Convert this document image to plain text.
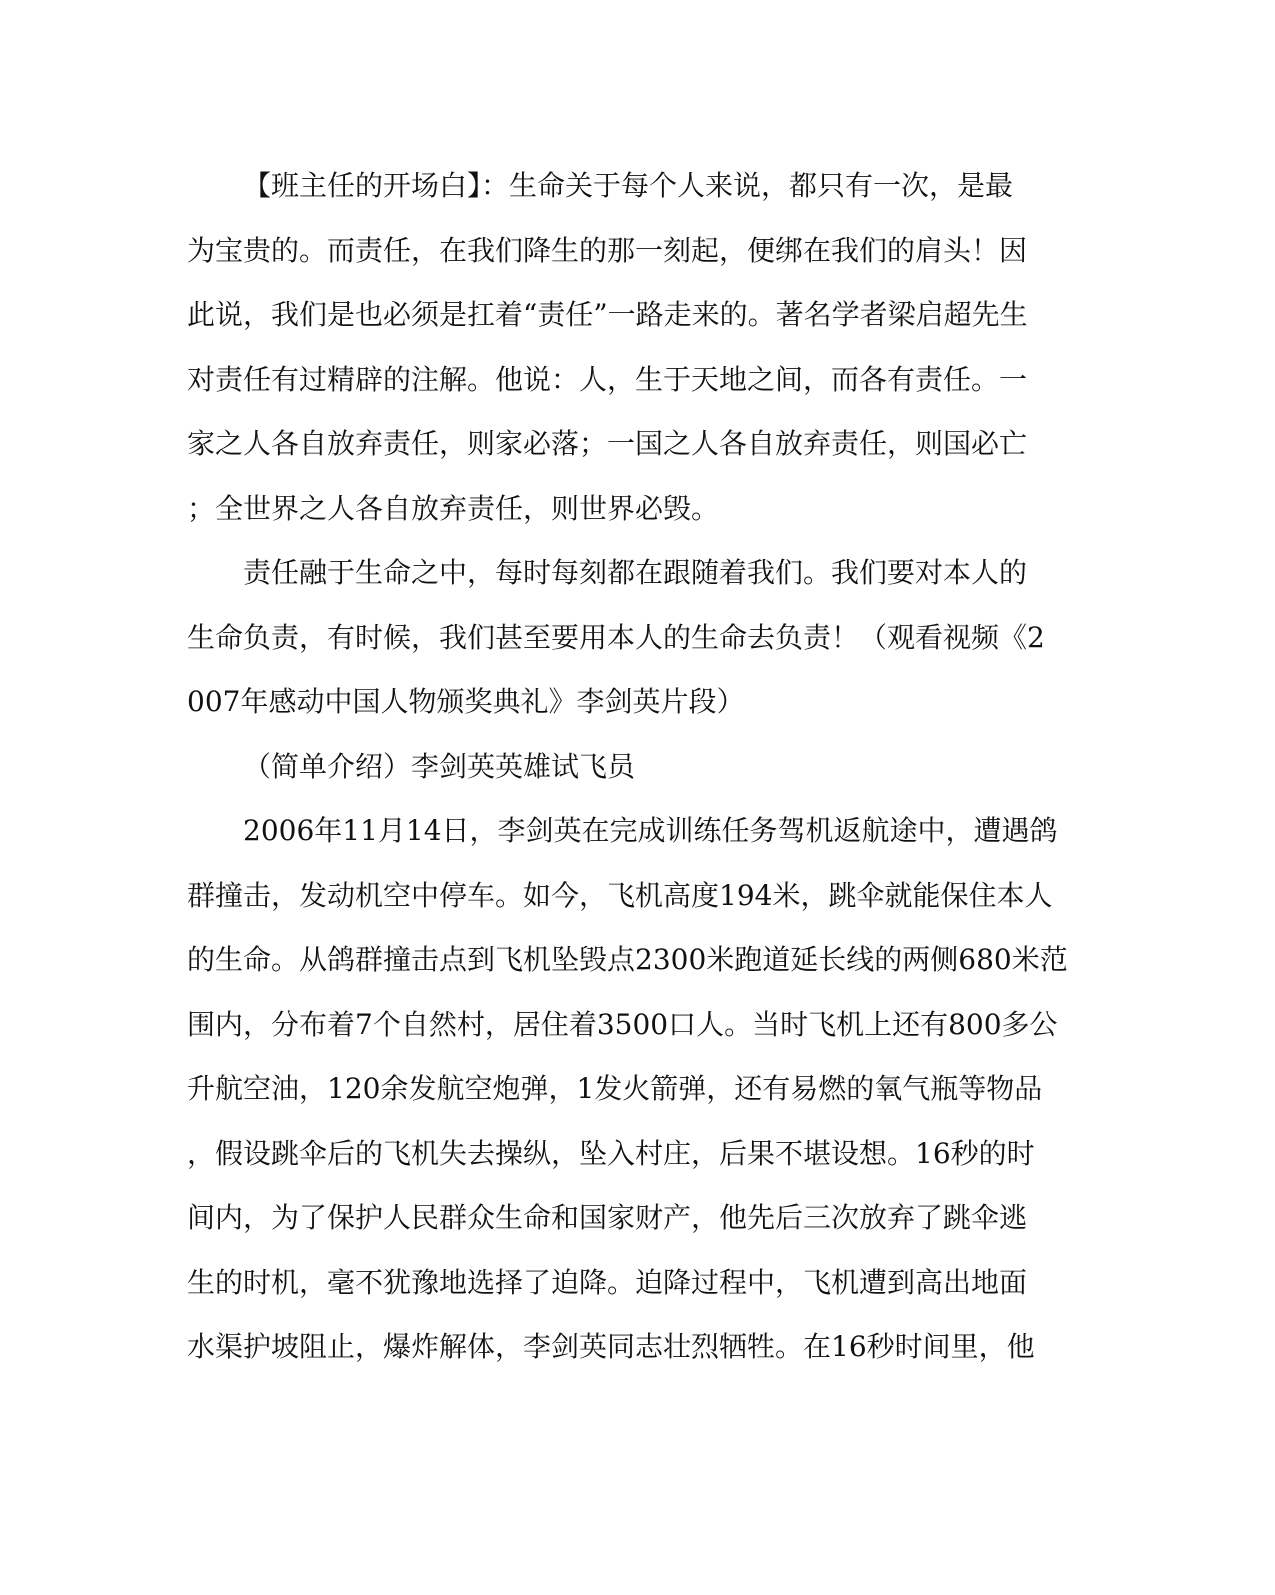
【班主任的开场白】：生命关于每个人来说，都只有一次，是最
为宝贵的。而责任，在我们降生的那一刻起，便绑在我们的肩头！因
此说，我们是也必须是扛着“责任”一路走来的。著名学者梁启超先生
对责任有过精辟的注解。他说：人，生于天地之间，而各有责任。一
家之人各自放弃责任，则家必落；一国之人各自放弃责任，则国必亡
；全世界之人各自放弃责任，则世界必毁。

责任融于生命之中，每时每刻都在跟随着我们。我们要对本人的
生命负责，有时候，我们甚至要用本人的生命去负责！（观看视频《2
007年感动中国人物颁奖典礼》李剑英片段）

（简单介绍）李剑英英雄试飞员

2006年11月14日，李剑英在完成训练任务驾机返航途中，遭遇鸽
群撞击，发动机空中停车。如今，飞机高度194米，跳伞就能保住本人
的生命。从鸽群撞击点到飞机坠毁点2300米跑道延长线的两侧680米范
围内，分布着7个自然村，居住着3500口人。当时飞机上还有800多公
升航空油，120余发航空炮弹，1发火箭弹，还有易燃的氧气瓶等物品
，假设跳伞后的飞机失去操纵，坠入村庄，后果不堪设想。16秒的时
间内，为了保护人民群众生命和国家财产，他先后三次放弃了跳伞逃
生的时机，毫不犹豫地选择了迫降。迫降过程中，飞机遭到高出地面
水渠护坡阻止，爆炸解体，李剑英同志壮烈牺牲。在16秒时间里，他
